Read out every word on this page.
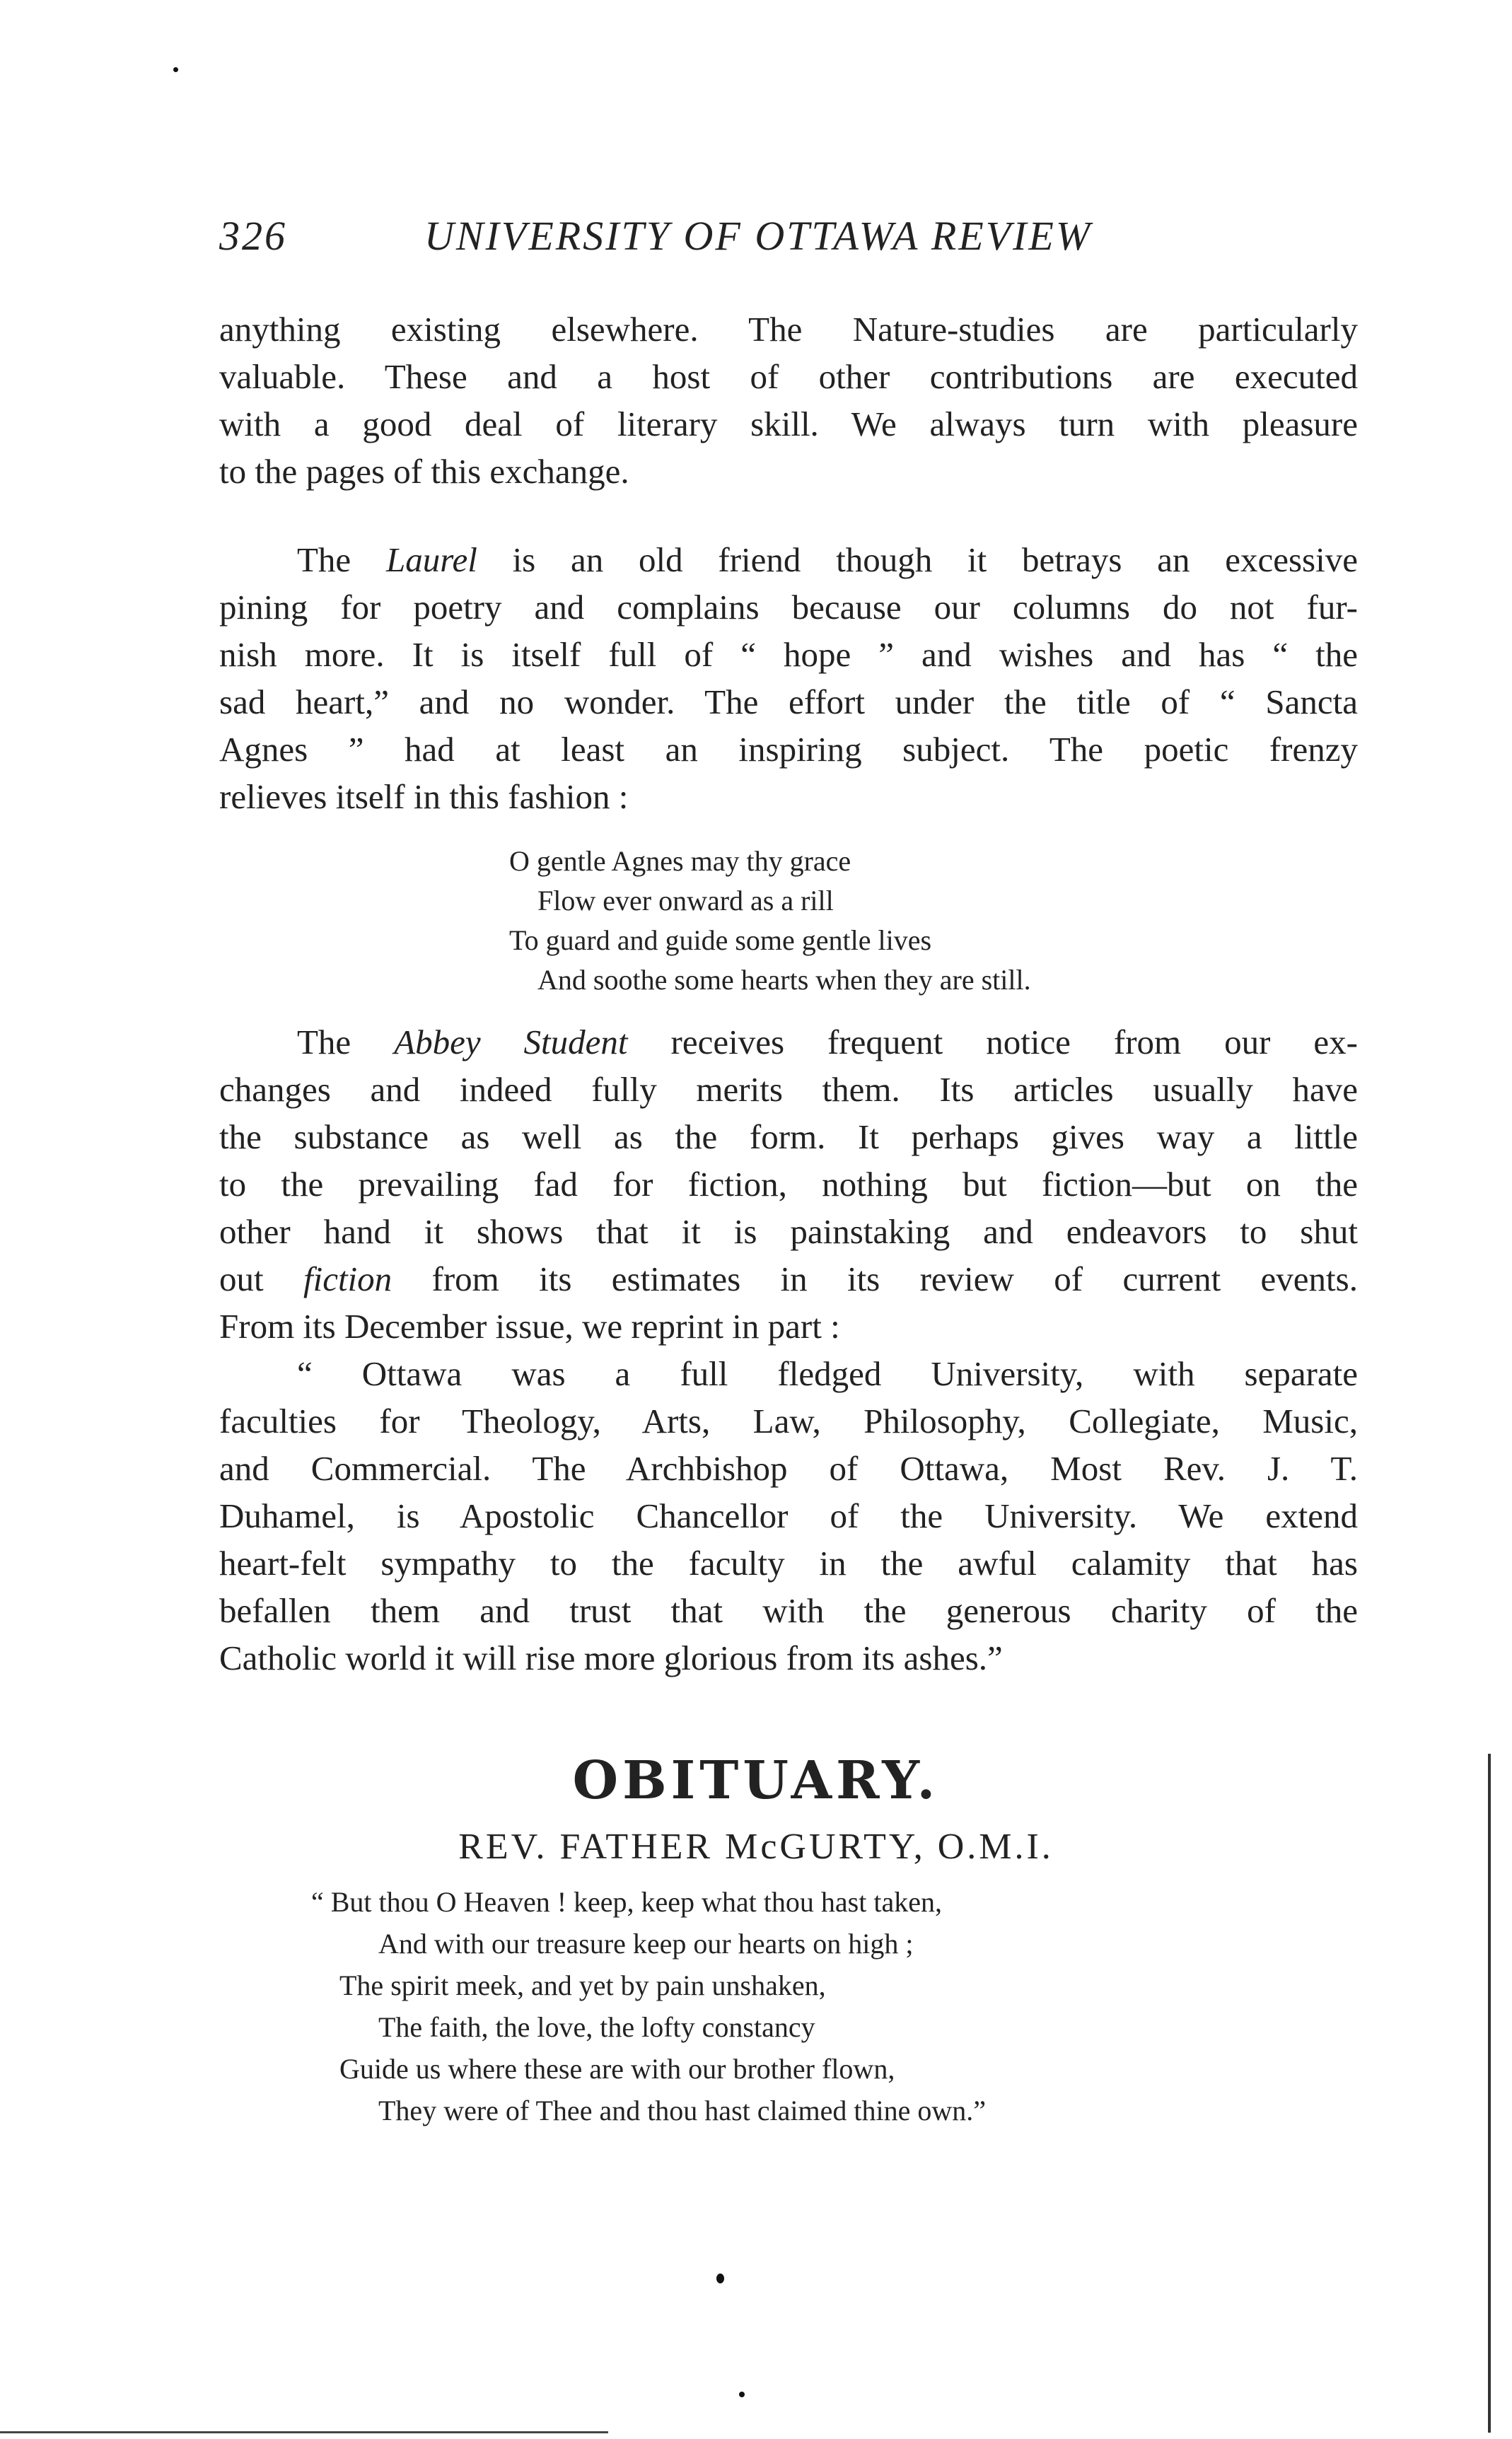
326	UNIVERSITY OF OTTAWA REVIEW
anything existing elsewhere. The Nature-studies are particularly
valuable. These and a host of other contributions are executed
with a good deal of literary skill. We always turn with pleasure
to the pages of this exchange.
The Laurel is an old friend though it betrays an excessive
pining for poetry and complains because our columns do not fur-
nish more. It is itself full of “ hope ” and wishes and has “ the
sad heart,” and no wonder. The effort under the title of “ Sancta
Agnes ” had at least an inspiring subject. The poetic frenzy
relieves itself in this fashion :
O gentle Agnes may thy grace
Flow ever onward as a rill
To guard and guide some gentle lives
And soothe some hearts when they are still.
The Abbey Student receives frequent notice from our ex-
changes and indeed fully merits them. Its articles usually have
the substance as well as the form. It perhaps gives way a little
to the prevailing fad for fiction, nothing but fiction—but on the
other hand it shows that it is painstaking and endeavors to shut
out fiction from its estimates in its review of current events.
From its December issue, we reprint in part :
“ Ottawa was a full fledged University, with separate
faculties for Theology, Arts, Law, Philosophy, Collegiate, Music,
and Commercial. The Archbishop of Ottawa, Most Rev. J. T.
Duhamel, is Apostolic Chancellor of the University. We extend
heart-felt sympathy to the faculty in the awful calamity that has
befallen them and trust that with the generous charity of the
Catholic world it will rise more glorious from its ashes.”
OBITUARY.
REV. FATHER McGURTY, O.M.I.
“ But thou O Heaven ! keep, keep what thou hast taken,
And with our treasure keep our hearts on high ;
The spirit meek, and yet by pain unshaken,
The faith, the love, the lofty constancy
Guide us where these are with our brother flown,
They were of Thee and thou hast claimed thine own.”
